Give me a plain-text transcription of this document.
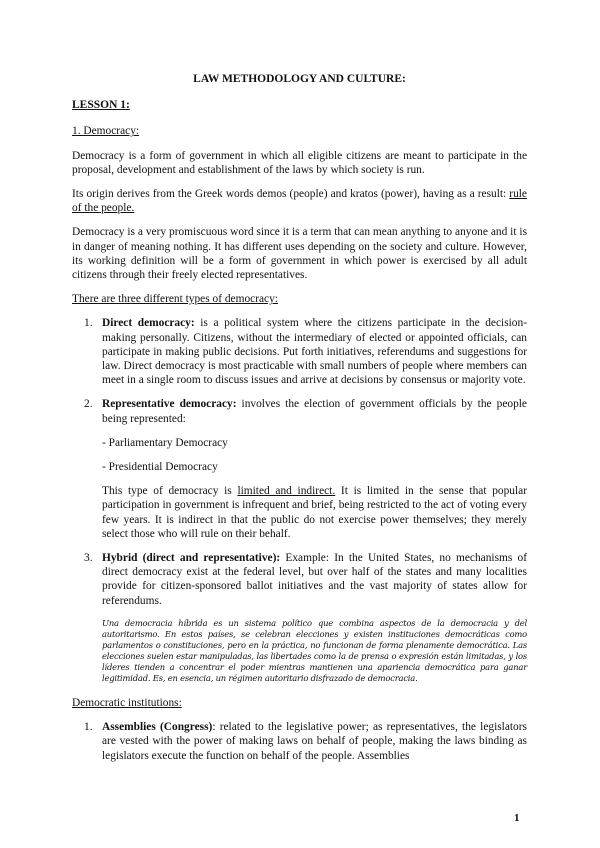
LAW METHODOLOGY AND CULTURE:
LESSON 1:
1. Democracy:
Democracy is a form of government in which all eligible citizens are meant to participate in the proposal, development and establishment of the laws by which society is run.
Its origin derives from the Greek words demos (people) and kratos (power), having as a result: rule of the people.
Democracy is a very promiscuous word since it is a term that can mean anything to anyone and it is in danger of meaning nothing. It has different uses depending on the society and culture. However, its working definition will be a form of government in which power is exercised by all adult citizens through their freely elected representatives.
There are three different types of democracy:
1. Direct democracy: is a political system where the citizens participate in the decision-making personally. Citizens, without the intermediary of elected or appointed officials, can participate in making public decisions. Put forth initiatives, referendums and suggestions for law. Direct democracy is most practicable with small numbers of people where members can meet in a single room to discuss issues and arrive at decisions by consensus or majority vote.
2. Representative democracy: involves the election of government officials by the people being represented:
- Parliamentary Democracy
- Presidential Democracy
This type of democracy is limited and indirect. It is limited in the sense that popular participation in government is infrequent and brief, being restricted to the act of voting every few years. It is indirect in that the public do not exercise power themselves; they merely select those who will rule on their behalf.
3. Hybrid (direct and representative): Example: In the United States, no mechanisms of direct democracy exist at the federal level, but over half of the states and many localities provide for citizen-sponsored ballot initiatives and the vast majority of states allow for referendums.
Una democracia híbrida es un sistema político que combina aspectos de la democracia y del autoritarismo. En estos países, se celebran elecciones y existen instituciones democráticas como parlamentos o constituciones, pero en la práctica, no funcionan de forma plenamente democrática. Las elecciones suelen estar manipuladas, las libertades como la de prensa o expresión están limitadas, y los líderes tienden a concentrar el poder mientras mantienen una apariencia democrática para ganar legitimidad. Es, en esencia, un régimen autoritario disfrazado de democracia.
Democratic institutions:
1. Assemblies (Congress): related to the legislative power; as representatives, the legislators are vested with the power of making laws on behalf of people, making the laws binding as legislators execute the function on behalf of the people. Assemblies
1
